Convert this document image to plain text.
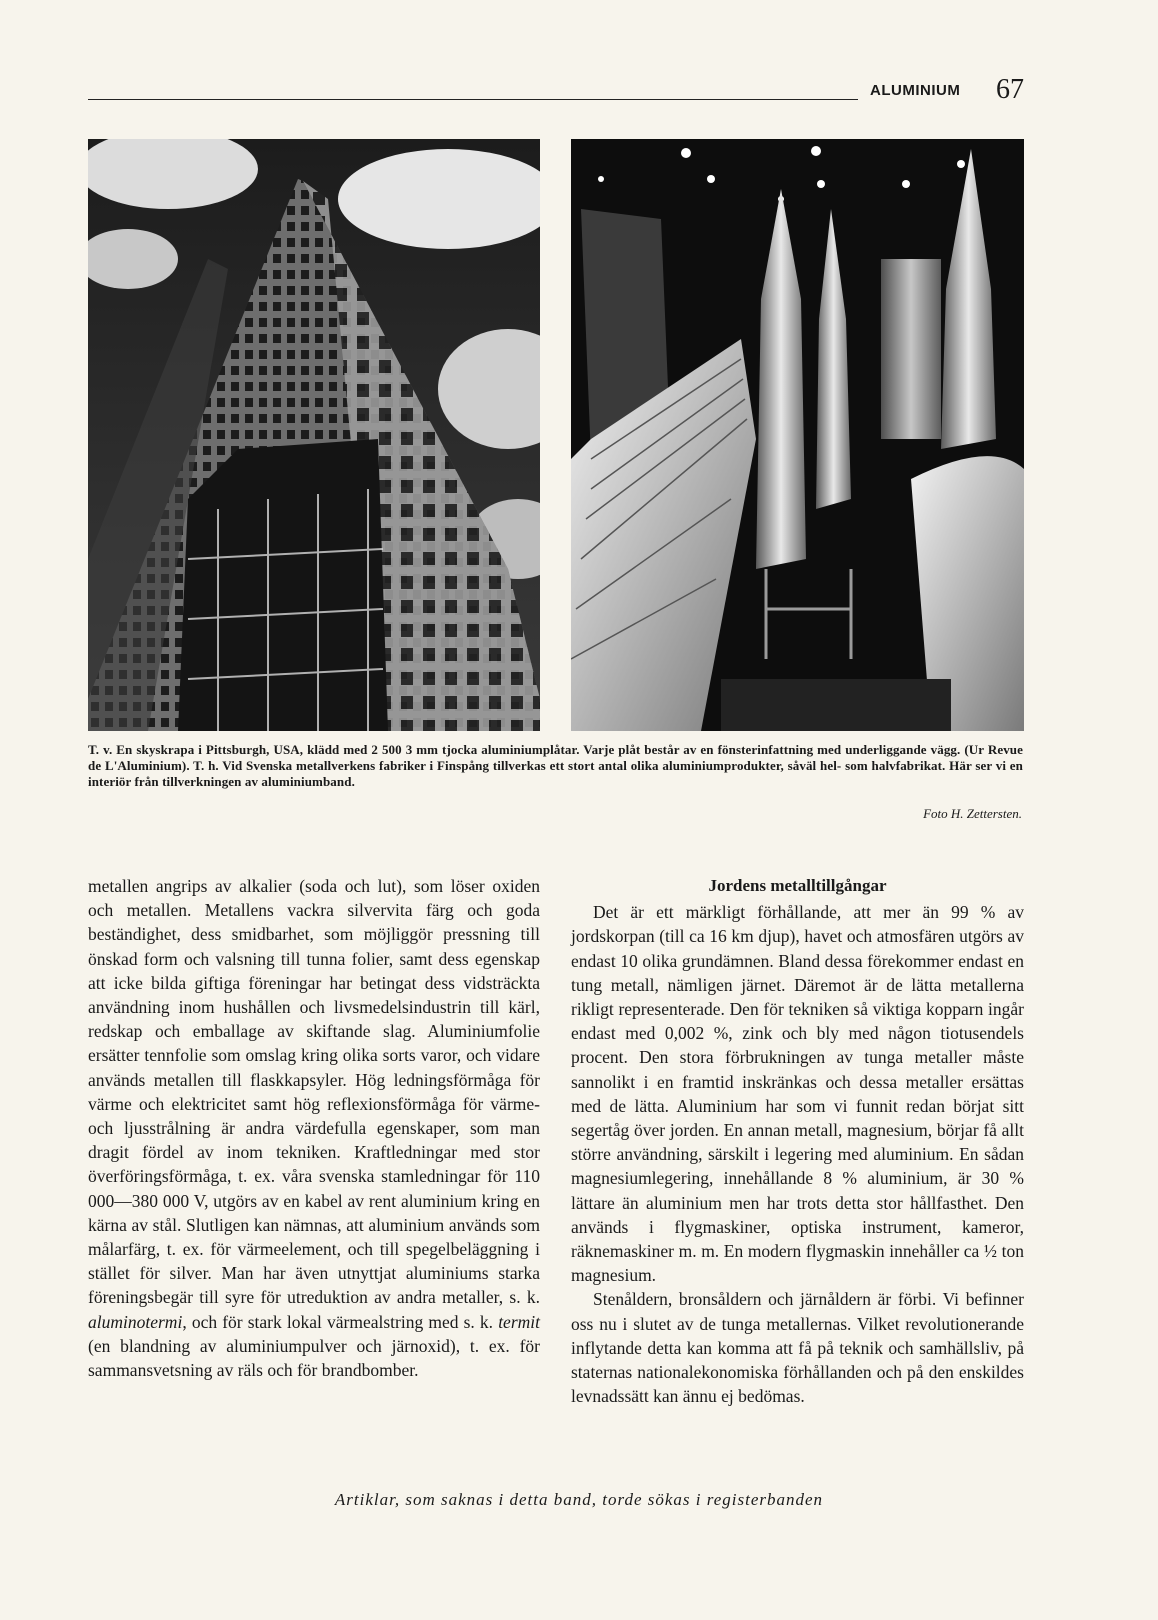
ALUMINIUM 67
T. v. En skyskrapa i Pittsburgh, USA, klädd med 2 500 3 mm tjocka aluminiumplåtar. Varje plåt består av en fönsterinfattning med underliggande vägg. (Ur Revue de L'Aluminium). T. h. Vid Svenska metallverkens fabriker i Finspång tillverkas ett stort antal olika aluminiumprodukter, såväl hel- som halvfabrikat. Här ser vi en interiör från tillverkningen av aluminiumband.
Foto H. Zettersten.

metallen angrips av alkalier (soda och lut), som löser oxiden och metallen. Metallens vackra silvervita färg och goda beständighet, dess smidbarhet, som möjliggör pressning till önskad form och valsning till tunna folier, samt dess egenskap att icke bilda giftiga föreningar har betingat dess vidsträckta användning inom hushållen och livsmedelsindustrin till kärl, redskap och emballage av skiftande slag. Aluminiumfolie ersätter tennfolie som omslag kring olika sorts varor, och vidare används metallen till flaskkapsyler. Hög ledningsförmåga för värme och elektricitet samt hög reflexionsförmåga för värme- och ljusstrålning är andra värdefulla egenskaper, som man dragit fördel av inom tekniken. Kraftledningar med stor överföringsförmåga, t. ex. våra svenska stamledningar för 110 000—380 000 V, utgörs av en kabel av rent aluminium kring en kärna av stål. Slutligen kan nämnas, att aluminium används som målarfärg, t. ex. för värmeelement, och till spegelbeläggning i stället för silver. Man har även utnyttjat aluminiums starka föreningsbegär till syre för utreduktion av andra metaller, s. k. aluminotermi, och för stark lokal värmealstring med s. k. termit (en blandning av aluminiumpulver och järnoxid), t. ex. för sammansvetsning av räls och för brandbomber.

Jordens metalltillgångar

Det är ett märkligt förhållande, att mer än 99 % av jordskorpan (till ca 16 km djup), havet och atmosfären utgörs av endast 10 olika grundämnen. Bland dessa förekommer endast en tung metall, nämligen järnet. Däremot är de lätta metallerna rikligt representerade. Den för tekniken så viktiga kopparn ingår endast med 0,002 %, zink och bly med någon tiotusendels procent. Den stora förbrukningen av tunga metaller måste sannolikt i en framtid inskränkas och dessa metaller ersättas med de lätta. Aluminium har som vi funnit redan börjat sitt segertåg över jorden. En annan metall, magnesium, börjar få allt större användning, särskilt i legering med aluminium. En sådan magnesiumlegering, innehållande 8 % aluminium, är 30 % lättare än aluminium men har trots detta stor hållfasthet. Den används i flygmaskiner, optiska instrument, kameror, räknemaskiner m. m. En modern flygmaskin innehåller ca ½ ton magnesium.

Stenåldern, bronsåldern och järnåldern är förbi. Vi befinner oss nu i slutet av de tunga metallernas. Vilket revolutionerande inflytande detta kan komma att få på teknik och samhällsliv, på staternas nationalekonomiska förhållanden och på den enskildes levnadssätt kan ännu ej bedömas.

Artiklar, som saknas i detta band, torde sökas i registerbanden
